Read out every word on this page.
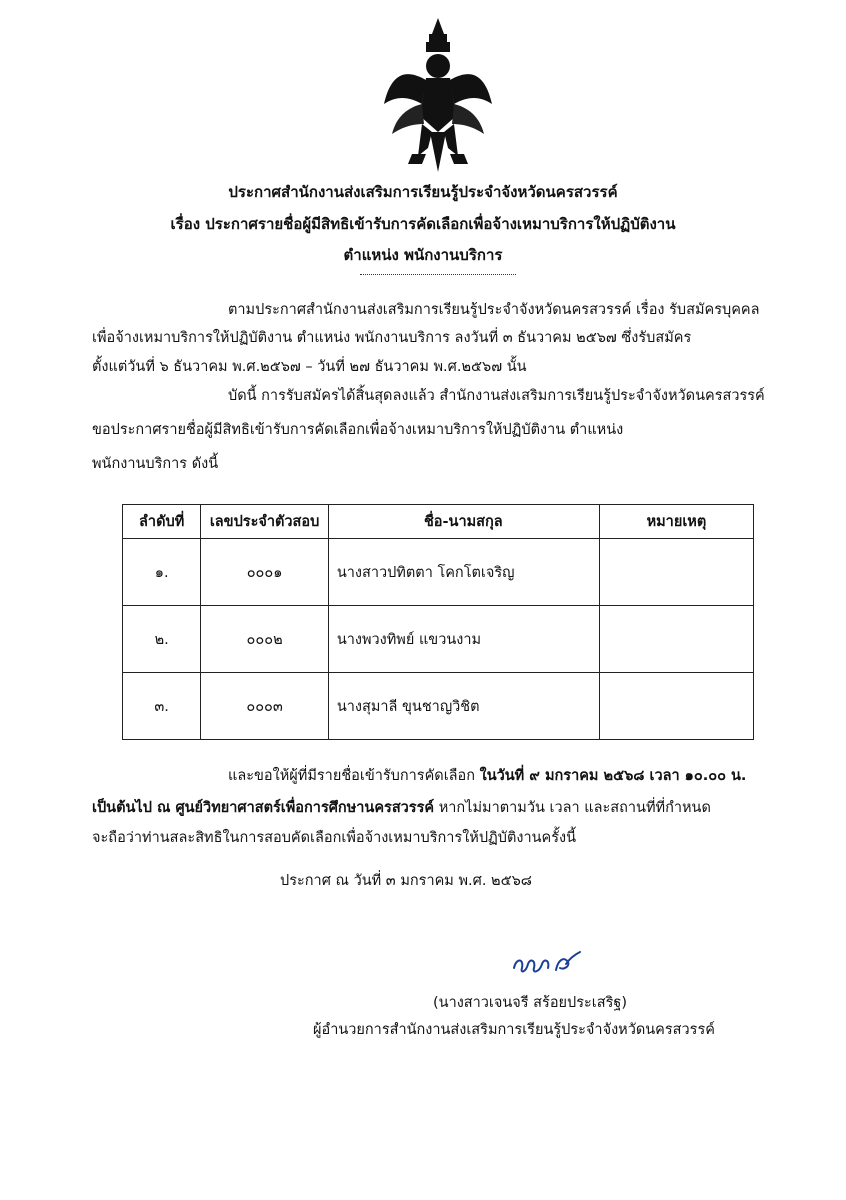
ประกาศสำนักงานส่งเสริมการเรียนรู้ประจำจังหวัดนครสวรรค์
เรื่อง ประกาศรายชื่อผู้มีสิทธิเข้ารับการคัดเลือกเพื่อจ้างเหมาบริการให้ปฏิบัติงาน
ตำแหน่ง พนักงานบริการ
ตามประกาศสำนักงานส่งเสริมการเรียนรู้ประจำจังหวัดนครสวรรค์ เรื่อง รับสมัครบุคคล
เพื่อจ้างเหมาบริการให้ปฏิบัติงาน ตำแหน่ง พนักงานบริการ ลงวันที่ ๓ ธันวาคม ๒๕๖๗ ซึ่งรับสมัคร
ตั้งแต่วันที่ ๖ ธันวาคม พ.ศ.๒๕๖๗ – วันที่ ๒๗ ธันวาคม พ.ศ.๒๕๖๗ นั้น
บัดนี้ การรับสมัครได้สิ้นสุดลงแล้ว สำนักงานส่งเสริมการเรียนรู้ประจำจังหวัดนครสวรรค์
ขอประกาศรายชื่อผู้มีสิทธิเข้ารับการคัดเลือกเพื่อจ้างเหมาบริการให้ปฏิบัติงาน ตำแหน่ง
พนักงานบริการ ดังนี้
ลำดับที่	เลขประจำตัวสอบ	ชื่อ-นามสกุล	หมายเหตุ
๑.	๐๐๐๑	นางสาวปทิตตา โคกโตเจริญ	
๒.	๐๐๐๒	นางพวงทิพย์ แขวนงาม	
๓.	๐๐๐๓	นางสุมาลี ขุนชาญวิชิต	
และขอให้ผู้ที่มีรายชื่อเข้ารับการคัดเลือก ในวันที่ ๙ มกราคม ๒๕๖๘ เวลา ๑๐.๐๐ น.
เป็นต้นไป ณ ศูนย์วิทยาศาสตร์เพื่อการศึกษานครสวรรค์ หากไม่มาตามวัน เวลา และสถานที่ที่กำหนด
จะถือว่าท่านสละสิทธิในการสอบคัดเลือกเพื่อจ้างเหมาบริการให้ปฏิบัติงานครั้งนี้
ประกาศ ณ วันที่ ๓ มกราคม พ.ศ. ๒๕๖๘
(นางสาวเจนจรี สร้อยประเสริฐ)
ผู้อำนวยการสำนักงานส่งเสริมการเรียนรู้ประจำจังหวัดนครสวรรค์
